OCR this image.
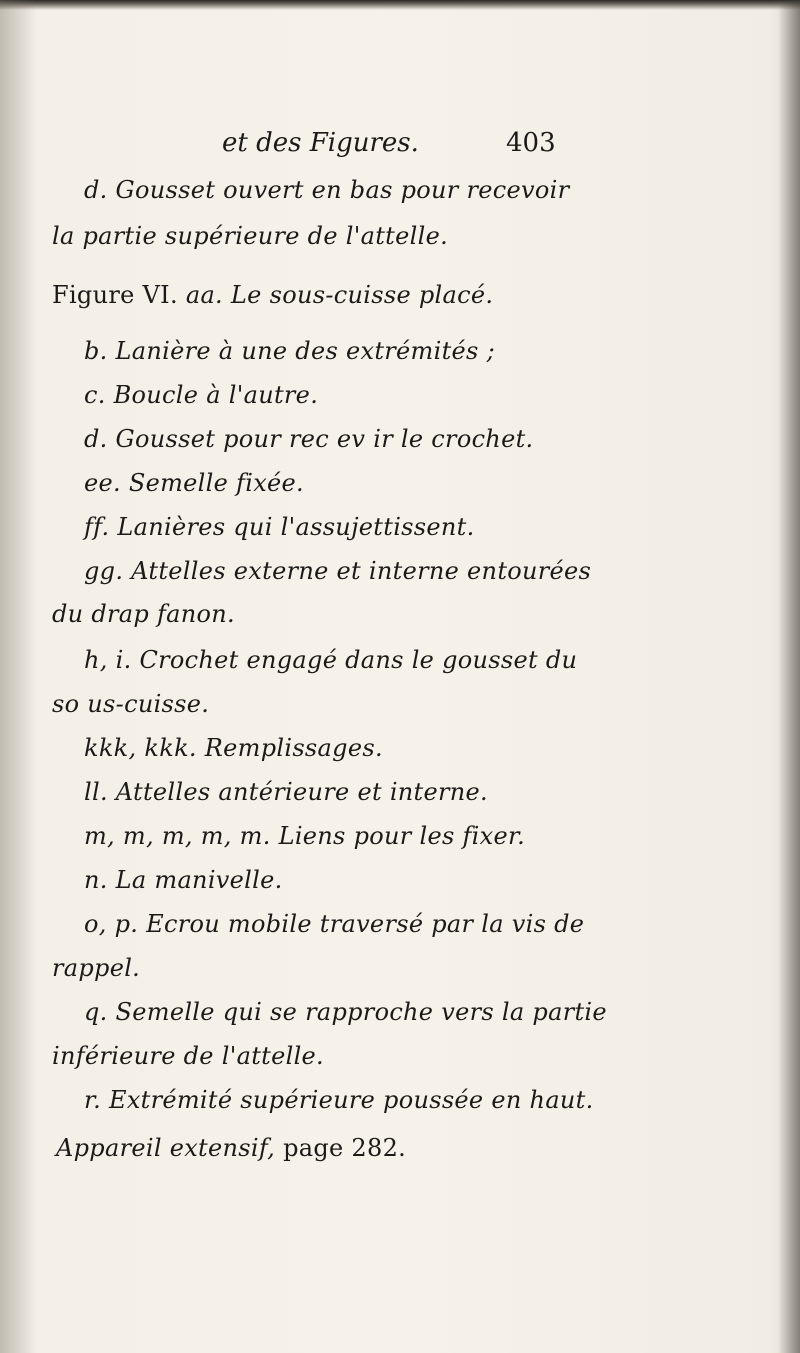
et des Figures.	403
d. Gousset ouvert en bas pour recevoir
la partie supérieure de l'attelle.
Figure VI. aa. Le sous-cuisse placé.
b. Lanière à une des extrémités ;
c. Boucle à l'autre.
d. Gousset pour rec ev ir le crochet.
ee. Semelle fixée.
ff. Lanières qui l'assujettissent.
gg. Attelles externe et interne entourées
du drap fanon.
h, i. Crochet engagé dans le gousset du
so us-cuisse.
kkk, kkk. Remplissages.
ll. Attelles antérieure et interne.
m, m, m, m, m. Liens pour les fixer.
n. La manivelle.
o, p. Ecrou mobile traversé par la vis de
rappel.
q. Semelle qui se rapproche vers la partie
inférieure de l'attelle.
r. Extrémité supérieure poussée en haut.
Appareil extensif, page 282.
